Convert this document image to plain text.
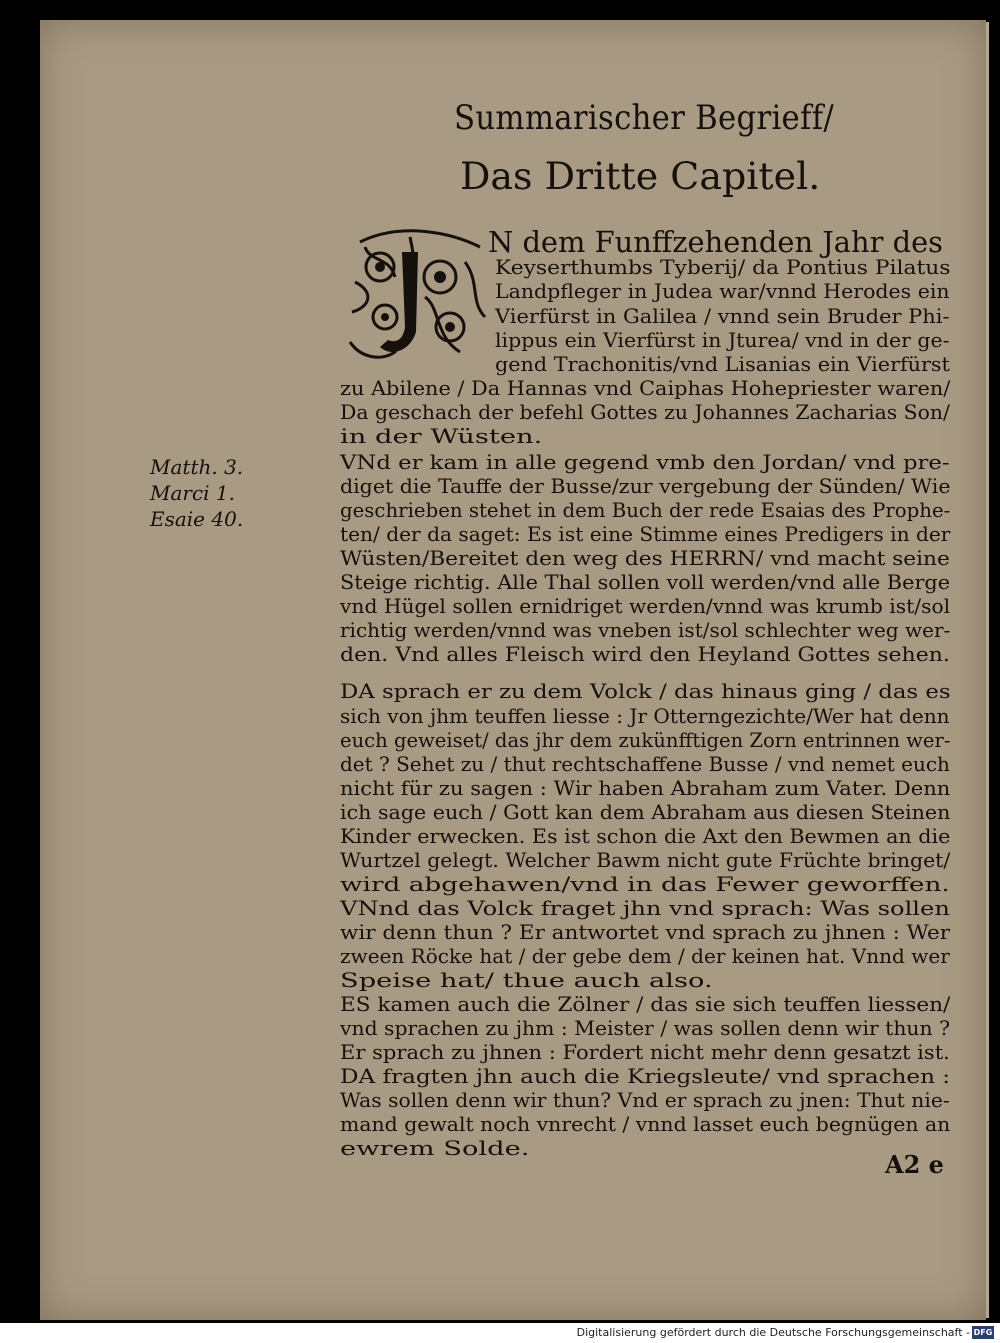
Summarischer Begrieff/
Das Dritte Capitel.
N dem Funffzehenden Jahr des
Keyserthumbs Tyberij/ da Pontius Pilatus
Landpfleger in Judea war/vnnd Herodes ein
Vierfürst in Galilea / vnnd sein Bruder Phi-
lippus ein Vierfürst in Jturea/ vnd in der ge-
gend Trachonitis/vnd Lisanias ein Vierfürst
zu Abilene / Da Hannas vnd Caiphas Hohepriester waren/
Da geschach der befehl Gottes zu Johannes Zacharias Son/
in der Wüsten.
VNd er kam in alle gegend vmb den Jordan/ vnd pre-
diget die Tauffe der Busse/zur vergebung der Sünden/ Wie
geschrieben stehet in dem Buch der rede Esaias des Prophe-
ten/ der da saget: Es ist eine Stimme eines Predigers in der
Wüsten/Bereitet den weg des HERRN/ vnd macht seine
Steige richtig. Alle Thal sollen voll werden/vnd alle Berge
vnd Hügel sollen ernidriget werden/vnnd was krumb ist/sol
richtig werden/vnnd was vneben ist/sol schlechter weg wer-
den. Vnd alles Fleisch wird den Heyland Gottes sehen.
DA sprach er zu dem Volck / das hinaus ging / das es
sich von jhm teuffen liesse : Jr Otterngezichte/Wer hat denn
euch geweiset/ das jhr dem zukünfftigen Zorn entrinnen wer-
det ? Sehet zu / thut rechtschaffene Busse / vnd nemet euch
nicht für zu sagen : Wir haben Abraham zum Vater. Denn
ich sage euch / Gott kan dem Abraham aus diesen Steinen
Kinder erwecken. Es ist schon die Axt den Bewmen an die
Wurtzel gelegt. Welcher Bawm nicht gute Früchte bringet/
wird abgehawen/vnd in das Fewer geworffen.
VNnd das Volck fraget jhn vnd sprach: Was sollen
wir denn thun ? Er antwortet vnd sprach zu jhnen : Wer
zween Röcke hat / der gebe dem / der keinen hat. Vnnd wer
Speise hat/ thue auch also.
ES kamen auch die Zölner / das sie sich teuffen liessen/
vnd sprachen zu jhm : Meister / was sollen denn wir thun ?
Er sprach zu jhnen : Fordert nicht mehr denn gesatzt ist.
DA fragten jhn auch die Kriegsleute/ vnd sprachen :
Was sollen denn wir thun? Vnd er sprach zu jnen: Thut nie-
mand gewalt noch vnrecht / vnnd lasset euch begnügen an
ewrem Solde.
Matth. 3.
Marci 1.
Esaie 40.
A2 e
Digitalisierung gefördert durch die Deutsche Forschungsgemeinschaft - DFG
